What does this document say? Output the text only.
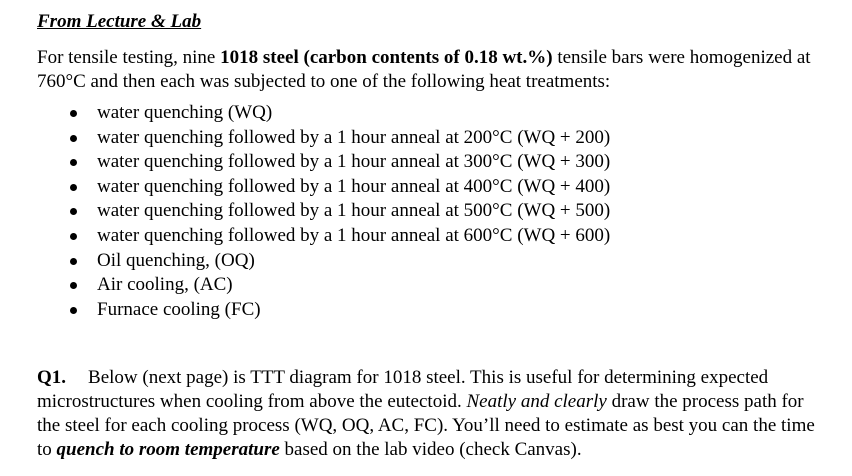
From Lecture & Lab

For tensile testing, nine 1018 steel (carbon contents of 0.18 wt.%) tensile bars were homogenized at 760°C and then each was subjected to one of the following heat treatments:

water quenching (WQ)
water quenching followed by a 1 hour anneal at 200°C (WQ + 200)
water quenching followed by a 1 hour anneal at 300°C (WQ + 300)
water quenching followed by a 1 hour anneal at 400°C (WQ + 400)
water quenching followed by a 1 hour anneal at 500°C (WQ + 500)
water quenching followed by a 1 hour anneal at 600°C (WQ + 600)
Oil quenching, (OQ)
Air cooling, (AC)
Furnace cooling (FC)

Q1. Below (next page) is TTT diagram for 1018 steel. This is useful for determining expected microstructures when cooling from above the eutectoid. Neatly and clearly draw the process path for the steel for each cooling process (WQ, OQ, AC, FC). You’ll need to estimate as best you can the time to quench to room temperature based on the lab video (check Canvas).
